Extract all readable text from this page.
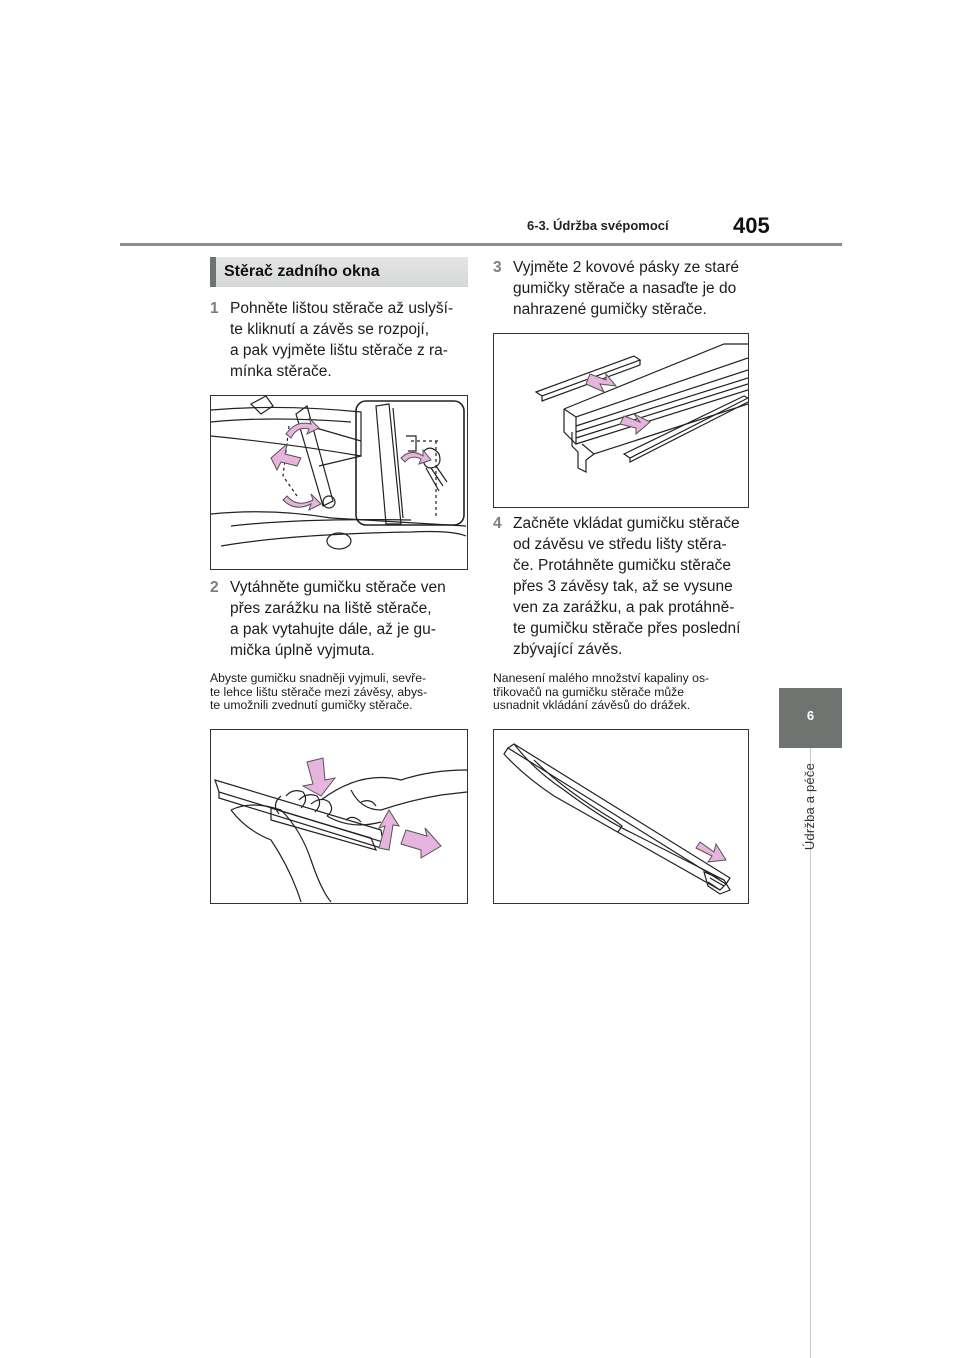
6-3. Údržba svépomocí	405
6
Údržba a péče
Stěrač zadního okna
1 Pohněte lištou stěrače až uslyší-
te kliknutí a závěs se rozpojí,
a pak vyjměte lištu stěrače z ra-
mínka stěrače.
2 Vytáhněte gumičku stěrače ven
přes zarážku na liště stěrače,
a pak vytahujte dále, až je gu-
mička úplně vyjmuta.
Abyste gumičku snadněji vyjmuli, sevře-
te lehce lištu stěrače mezi závěsy, abys-
te umožnili zvednutí gumičky stěrače.
3 Vyjměte 2 kovové pásky ze staré
gumičky stěrače a nasaďte je do
nahrazené gumičky stěrače.
4 Začněte vkládat gumičku stěrače
od závěsu ve středu lišty stěra-
če. Protáhněte gumičku stěrače
přes 3 závěsy tak, až se vysune
ven za zarážku, a pak protáhně-
te gumičku stěrače přes poslední
zbývající závěs.
Nanesení malého množství kapaliny os-
třikovačů na gumičku stěrače může
usnadnit vkládání závěsů do drážek.
